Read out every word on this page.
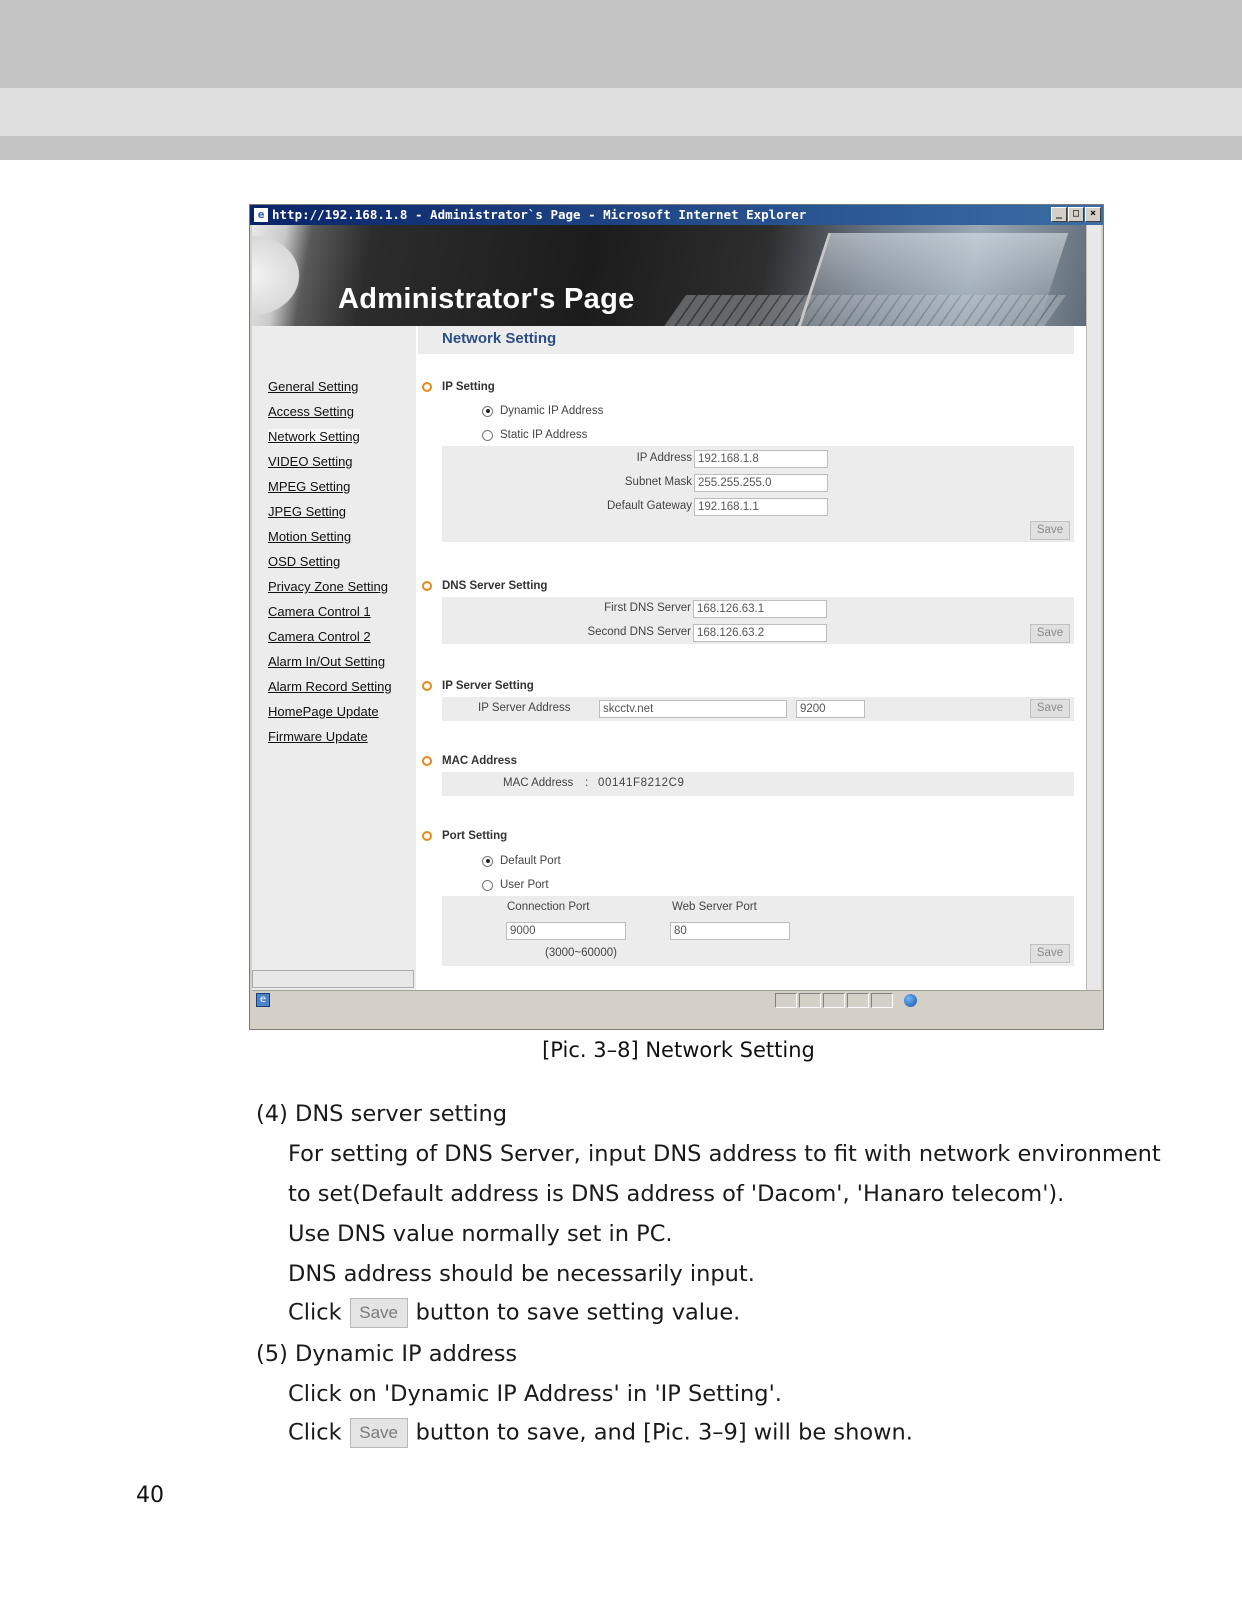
e http://192.168.1.8 - Administrator`s Page - Microsoft Internet Explorer	_	□	×
Administrator's Page
General Setting
Access Setting
Network Setting
VIDEO Setting
MPEG Setting
JPEG Setting
Motion Setting
OSD Setting
Privacy Zone Setting
Camera Control 1
Camera Control 2
Alarm In/Out Setting
Alarm Record Setting
HomePage Update
Firmware Update
Network Setting
IP Setting
Dynamic IP Address
Static IP Address
IP Address 192.168.1.8
Subnet Mask 255.255.255.0
Default Gateway 192.168.1.1
Save
DNS Server Setting
First DNS Server 168.126.63.1
Second DNS Server 168.126.63.2	Save
IP Server Setting
IP Server Address	skcctv.net	9200	Save
MAC Address
MAC Address : 00141F8212C9
Port Setting
Default Port
User Port
Connection Port	Web Server Port
9000	80
(3000~60000)	Save
e
[Pic. 3–8] Network Setting
(4) DNS server setting
For setting of DNS Server, input DNS address to fit with network environment
to set(Default address is DNS address of 'Dacom', 'Hanaro telecom').
Use DNS value normally set in PC.
DNS address should be necessarily input.
Click Save button to save setting value.
(5) Dynamic IP address
Click on 'Dynamic IP Address' in 'IP Setting'.
Click Save button to save, and [Pic. 3–9] will be shown.
40
